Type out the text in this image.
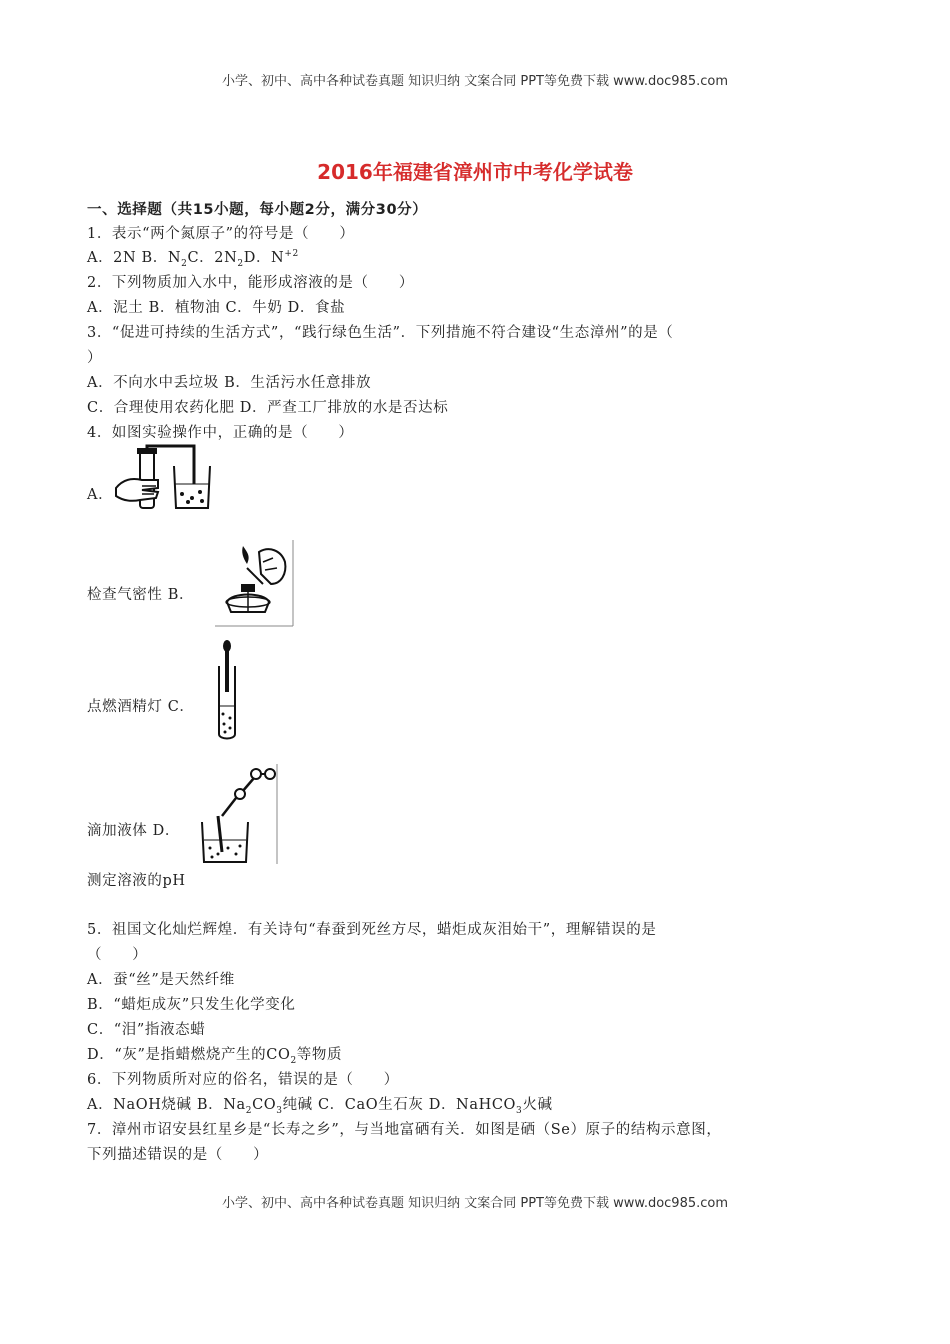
小学、初中、高中各种试卷真题 知识归纳 文案合同 PPT等免费下载 www.doc985.com
2016年福建省漳州市中考化学试卷
一、选择题（共15小题，每小题2分，满分30分）
1．表示“两个氮原子”的符号是（　　）
A．2N B．$N_2C$．$2N_2D$．$N^{+2}$
2．下列物质加入水中，能形成溶液的是（　　）
A．泥土 B．植物油 C．牛奶 D．食盐
3．“促进可持续的生活方式”，“践行绿色生活”．下列措施不符合建设“生态漳州”的是（
）
A．不向水中丢垃圾 B．生活污水任意排放
C．合理使用农药化肥 D．严查工厂排放的水是否达标
4．如图实验操作中，正确的是（　　）
A．
检查气密性 B．
点燃酒精灯 C．
滴加液体 D．
测定溶液的pH
5．祖国文化灿烂辉煌．有关诗句“春蚕到死丝方尽，蜡炬成灰泪始干”，理解错误的是
（　　）
A．蚕“丝”是天然纤维
B．“蜡炬成灰”只发生化学变化
C．“泪”指液态蜡
D．“灰”是指蜡燃烧产生的$CO_2$等物质
6．下列物质所对应的俗名，错误的是（　　）
A．NaOH烧碱 B．$Na_2CO_3$纯碱 C．CaO生石灰 D．NaHCO$_3$火碱
7．漳州市诏安县红星乡是“长寿之乡”，与当地富硒有关．如图是硒（Se）原子的结构示意图，
下列描述错误的是（　　）
小学、初中、高中各种试卷真题 知识归纳 文案合同 PPT等免费下载 www.doc985.com
